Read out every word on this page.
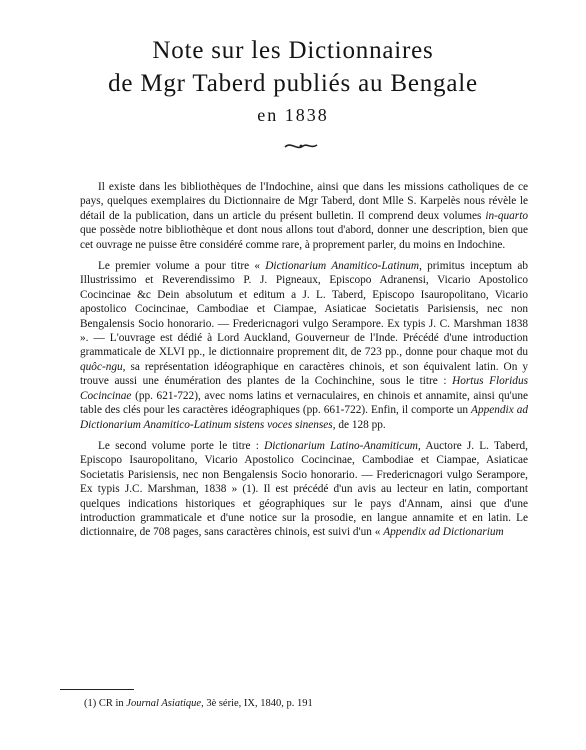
Note sur les Dictionnaires
de Mgr Taberd publiés au Bengale
en 1838

Il existe dans les bibliothèques de l'Indochine, ainsi que dans les missions catholiques de ce pays, quelques exemplaires du Dictionnaire de Mgr Taberd, dont Mlle S. Karpelès nous révèle le détail de la publication, dans un article du présent bulletin. Il comprend deux volumes in-quarto que possède notre bibliothèque et dont nous allons tout d'abord, donner une description, bien que cet ouvrage ne puisse être considéré comme rare, à proprement parler, du moins en Indochine.

Le premier volume a pour titre « Dictionarium Anamitico-Latinum, primitus inceptum ab Illustrissimo et Reverendissimo P. J. Pigneaux, Episcopo Adranensi, Vicario Apostolico Cocincinae &c Dein absolutum et editum a J. L. Taberd, Episcopo Isauropolitano, Vicario apostolico Cocincinae, Cambodiae et Ciampae, Asiaticae Societatis Parisiensis, nec non Bengalensis Socio honorario. — Fredericnagori vulgo Serampore. Ex typis J. C. Marshman 1838 ». — L'ouvrage est dédié à Lord Auckland, Gouverneur de l'Inde. Précédé d'une introduction grammaticale de XLVI pp., le dictionnaire proprement dit, de 723 pp., donne pour chaque mot du quôc-ngu, sa représentation idéographique en caractères chinois, et son équivalent latin. On y trouve aussi une énumération des plantes de la Cochinchine, sous le titre : Hortus Floridus Cocincinae (pp. 621-722), avec noms latins et vernaculaires, en chinois et annamite, ainsi qu'une table des clés pour les caractères idéographiques (pp. 661-722). Enfin, il comporte un Appendix ad Dictionarium Anamitico-Latinum sistens voces sinenses, de 128 pp.

Le second volume porte le titre : Dictionarium Latino-Anamiticum, Auctore J. L. Taberd, Episcopo Isauropolitano, Vicario Apostolico Cocincinae, Cambodiae et Ciampae, Asiaticae Societatis Parisiensis, nec non Bengalensis Socio honorario. — Fredericnagori vulgo Serampore, Ex typis J.C. Marshman, 1838 » (1). Il est précédé d'un avis au lecteur en latin, comportant quelques indications historiques et géographiques sur le pays d'Annam, ainsi que d'une introduction grammaticale et d'une notice sur la prosodie, en langue annamite et en latin. Le dictionnaire, de 708 pages, sans caractères chinois, est suivi d'un « Appendix ad Dictionarium

(1) CR in Journal Asiatique, 3è série, IX, 1840, p. 191
